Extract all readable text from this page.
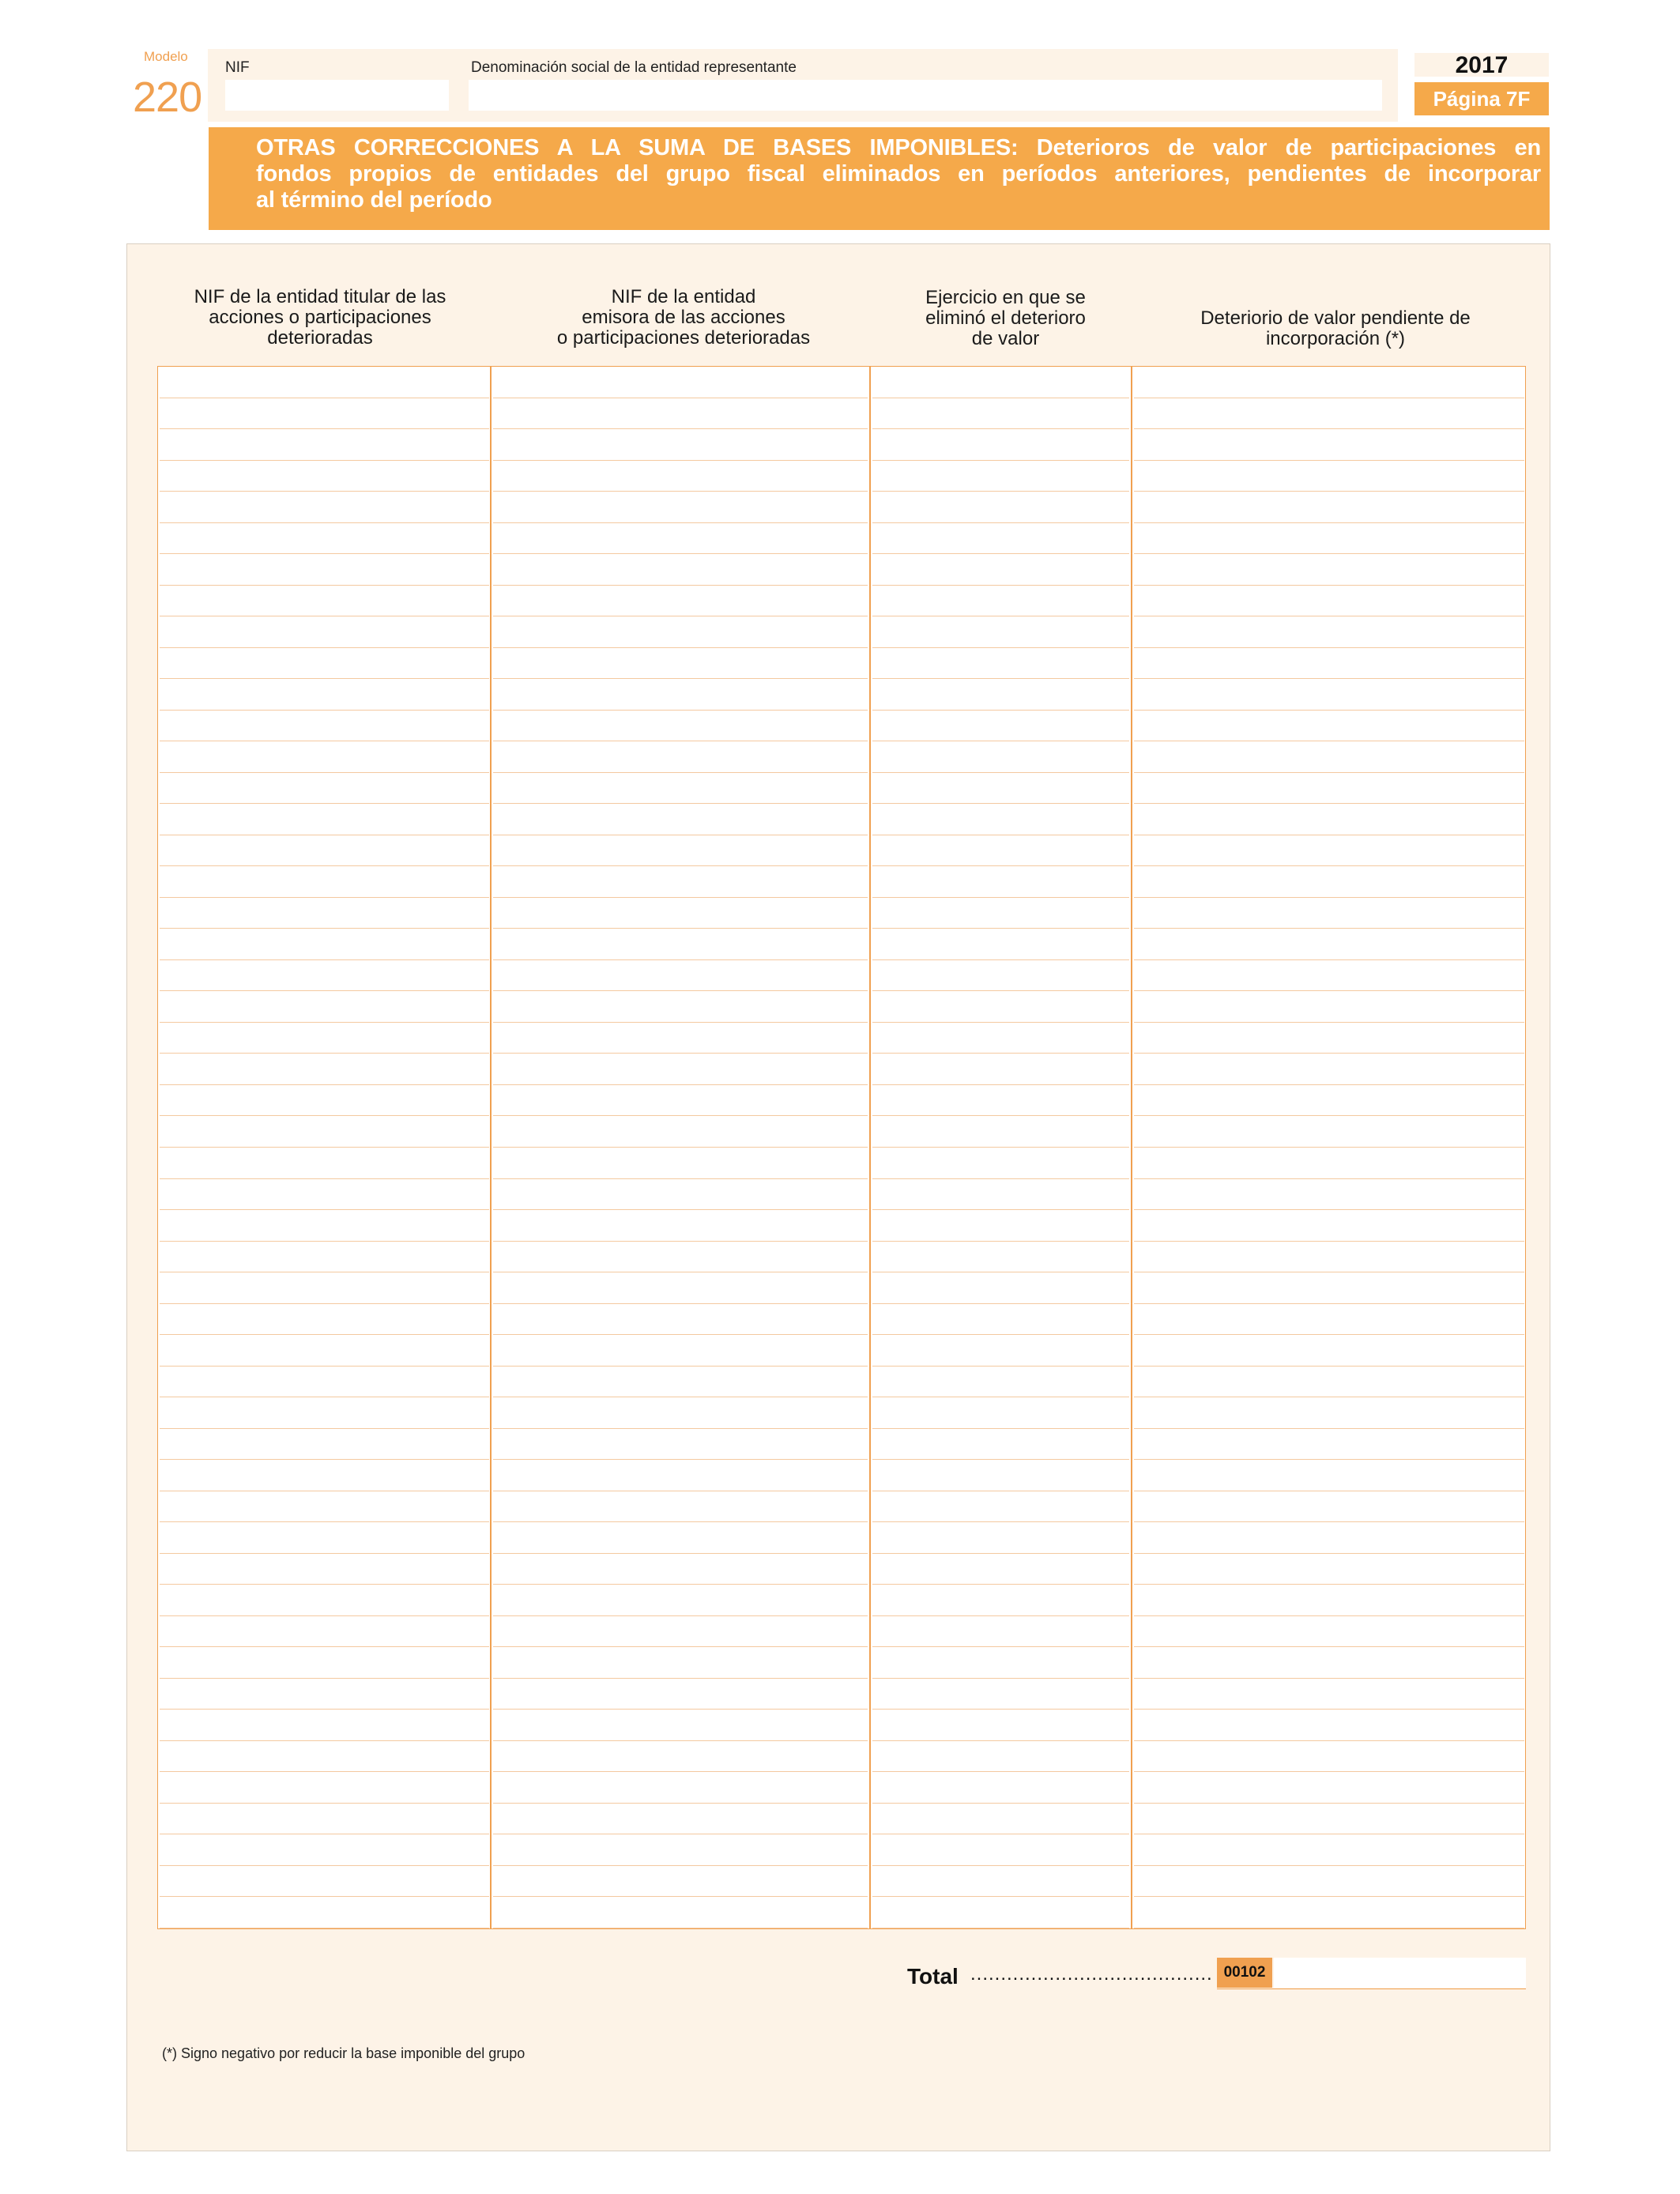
Modelo
220
NIF	Denominación social de la entidad representante	2017
Página 7F
OTRAS CORRECCIONES A LA SUMA DE BASES IMPONIBLES: Deterioros de valor de participaciones en
fondos propios de entidades del grupo fiscal eliminados en períodos anteriores, pendientes de incorporar
al término del período
NIF de la entidad titular de las
acciones o participaciones
deterioradas
NIF de la entidad
emisora de las acciones
o participaciones deterioradas
Ejercicio en que se
eliminó el deterioro
de valor
Deteriorio de valor pendiente de
incorporación (*)
Total ........................................ 00102
(*) Signo negativo por reducir la base imponible del grupo
